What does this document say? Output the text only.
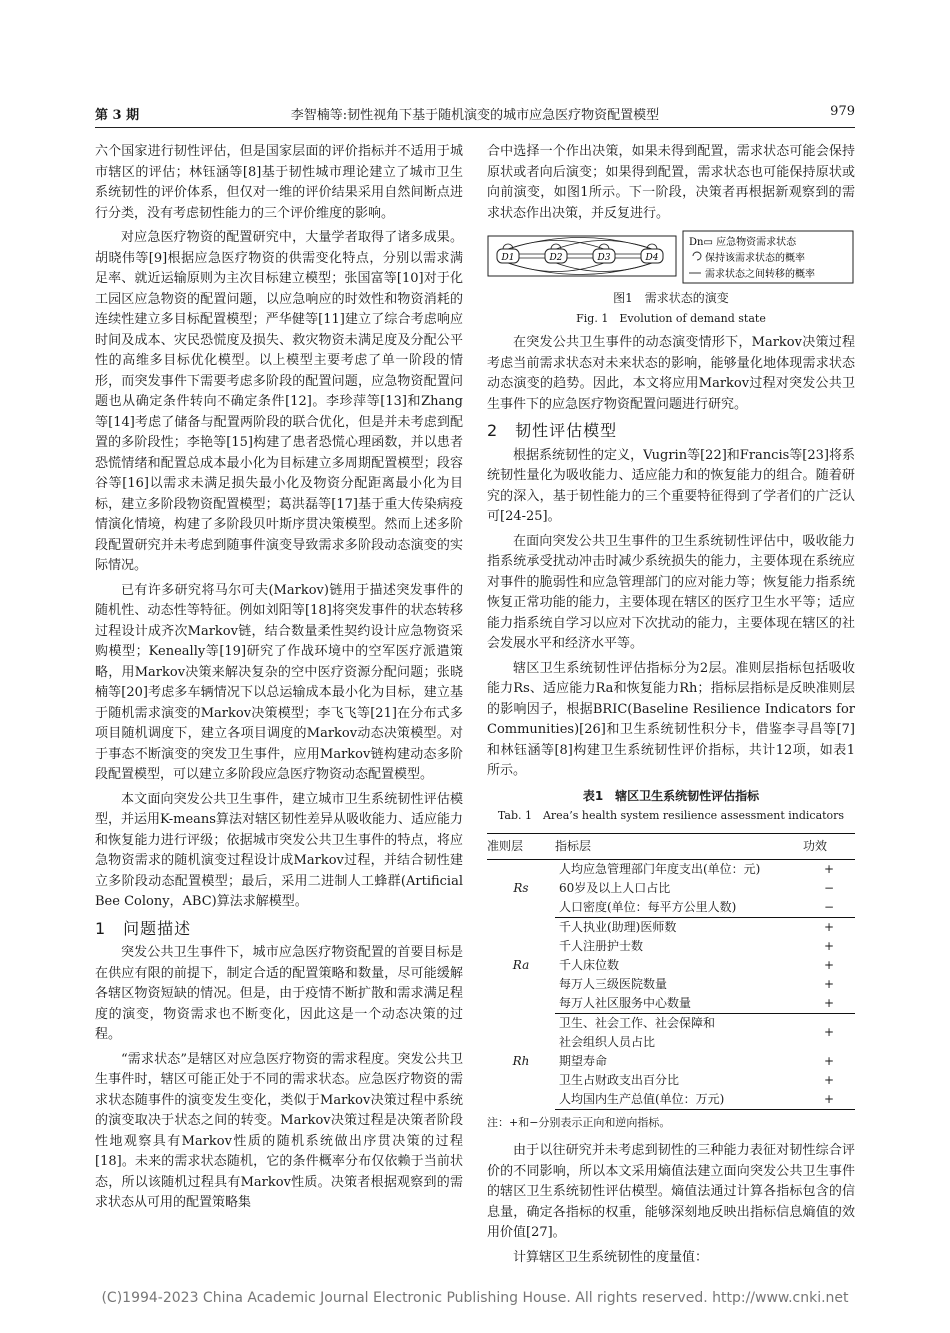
第 3 期	李智楠等:韧性视角下基于随机演变的城市应急医疗物资配置模型	979

六个国家进行韧性评估，但是国家层面的评价指标并不适用于城市辖区的评估；林钰涵等[8]基于韧性城市理论建立了城市卫生系统韧性的评价体系，但仅对一维的评价结果采用自然间断点进行分类，没有考虑韧性能力的三个评价维度的影响。

对应急医疗物资的配置研究中，大量学者取得了诸多成果。胡晓伟等[9]根据应急医疗物资的供需变化特点，分别以需求满足率、就近运输原则为主次目标建立模型；张国富等[10]对于化工园区应急物资的配置问题，以应急响应的时效性和物资消耗的连续性建立多目标配置模型；严华健等[11]建立了综合考虑响应时间及成本、灾民恐慌度及损失、救灾物资未满足度及分配公平性的高维多目标优化模型。以上模型主要考虑了单一阶段的情形，而突发事件下需要考虑多阶段的配置问题，应急物资配置问题也从确定条件转向不确定条件[12]。李珍萍等[13]和Zhang等[14]考虑了储备与配置两阶段的联合优化，但是并未考虑到配置的多阶段性；李艳等[15]构建了患者恐慌心理函数，并以患者恐慌情绪和配置总成本最小化为目标建立多周期配置模型；段容谷等[16]以需求未满足损失最小化及物资分配距离最小化为目标，建立多阶段物资配置模型；葛洪磊等[17]基于重大传染病疫情演化情境，构建了多阶段贝叶斯序贯决策模型。然而上述多阶段配置研究并未考虑到随事件演变导致需求多阶段动态演变的实际情况。

已有许多研究将马尔可夫(Markov)链用于描述突发事件的随机性、动态性等特征。例如刘阳等[18]将突发事件的状态转移过程设计成齐次Markov链，结合数量柔性契约设计应急物资采购模型；Keneally等[19]研究了作战环境中的空军医疗派遣策略，用Markov决策来解决复杂的空中医疗资源分配问题；张晓楠等[20]考虑多车辆情况下以总运输成本最小化为目标，建立基于随机需求演变的Markov决策模型；李飞飞等[21]在分布式多项目随机调度下，建立各项目调度的Markov动态决策模型。对于事态不断演变的突发卫生事件，应用Markov链构建动态多阶段配置模型，可以建立多阶段应急医疗物资动态配置模型。

本文面向突发公共卫生事件，建立城市卫生系统韧性评估模型，并运用K-means算法对辖区韧性差异从吸收能力、适应能力和恢复能力进行评级；依据城市突发公共卫生事件的特点，将应急物资需求的随机演变过程设计成Markov过程，并结合韧性建立多阶段动态配置模型；最后，采用二进制人工蜂群(Artificial Bee Colony，ABC)算法求解模型。

1　问题描述

突发公共卫生事件下，城市应急医疗物资配置的首要目标是在供应有限的前提下，制定合适的配置策略和数量，尽可能缓解各辖区物资短缺的情况。但是，由于疫情不断扩散和需求满足程度的演变，物资需求也不断变化，因此这是一个动态决策的过程。

“需求状态”是辖区对应急医疗物资的需求程度。突发公共卫生事件时，辖区可能正处于不同的需求状态。应急医疗物资的需求状态随事件的演变发生变化，类似于Markov决策过程中系统的演变取决于状态之间的转变。Markov决策过程是决策者阶段性地观察具有Markov性质的随机系统做出序贯决策的过程[18]。未来的需求状态随机，它的条件概率分布仅依赖于当前状态，所以该随机过程具有Markov性质。决策者根据观察到的需求状态从可用的配置策略集

合中选择一个作出决策，如果未得到配置，需求状态可能会保持原状或者向后演变；如果得到配置，需求状态也可能保持原状或向前演变，如图1所示。下一阶段，决策者再根据新观察到的需求状态作出决策，并反复进行。

D1	D2	D3	D4
Dn▭ 应急物资需求状态
保持该需求状态的概率
需求状态之间转移的概率
图1　需求状态的演变
Fig. 1　Evolution of demand state

在突发公共卫生事件的动态演变情形下，Markov决策过程考虑当前需求状态对未来状态的影响，能够量化地体现需求状态动态演变的趋势。因此，本文将应用Markov过程对突发公共卫生事件下的应急医疗物资配置问题进行研究。

2　韧性评估模型

根据系统韧性的定义，Vugrin等[22]和Francis等[23]将系统韧性量化为吸收能力、适应能力和的恢复能力的组合。随着研究的深入，基于韧性能力的三个重要特征得到了学者们的广泛认可[24-25]。

在面向突发公共卫生事件的卫生系统韧性评估中，吸收能力指系统承受扰动冲击时减少系统损失的能力，主要体现在系统应对事件的脆弱性和应急管理部门的应对能力等；恢复能力指系统恢复正常功能的能力，主要体现在辖区的医疗卫生水平等；适应能力指系统自学习以应对下次扰动的能力，主要体现在辖区的社会发展水平和经济水平等。

辖区卫生系统韧性评估指标分为2层。准则层指标包括吸收能力Rs、适应能力Ra和恢复能力Rh；指标层指标是反映准则层的影响因子，根据BRIC(Baseline Resilience Indicators for Communities)[26]和卫生系统韧性积分卡，借鉴李寻昌等[7]和林钰涵等[8]构建卫生系统韧性评价指标，共计12项，如表1所示。

表1　辖区卫生系统韧性评估指标
Tab. 1　Area’s health system resilience assessment indicators
准则层	指标层	功效
Rs	人均应急管理部门年度支出(单位：元)	+
	60岁及以上人口占比	−
	人口密度(单位：每平方公里人数)	−
Ra	千人执业(助理)医师数	+
	千人注册护士数	+
	千人床位数	+
	每万人三级医院数量	+
	每万人社区服务中心数量	+
Rh	卫生、社会工作、社会保障和
社会组织人员占比	+
	期望寿命	+
	卫生占财政支出百分比	+
	人均国内生产总值(单位：万元)	+
注：+和−分别表示正向和逆向指标。

由于以往研究并未考虑到韧性的三种能力表征对韧性综合评价的不同影响，所以本文采用熵值法建立面向突发公共卫生事件的辖区卫生系统韧性评估模型。熵值法通过计算各指标包含的信息量，确定各指标的权重，能够深刻地反映出指标信息熵值的效用价值[27]。

计算辖区卫生系统韧性的度量值：

(C)1994-2023 China Academic Journal Electronic Publishing House. All rights reserved. http://www.cnki.net
